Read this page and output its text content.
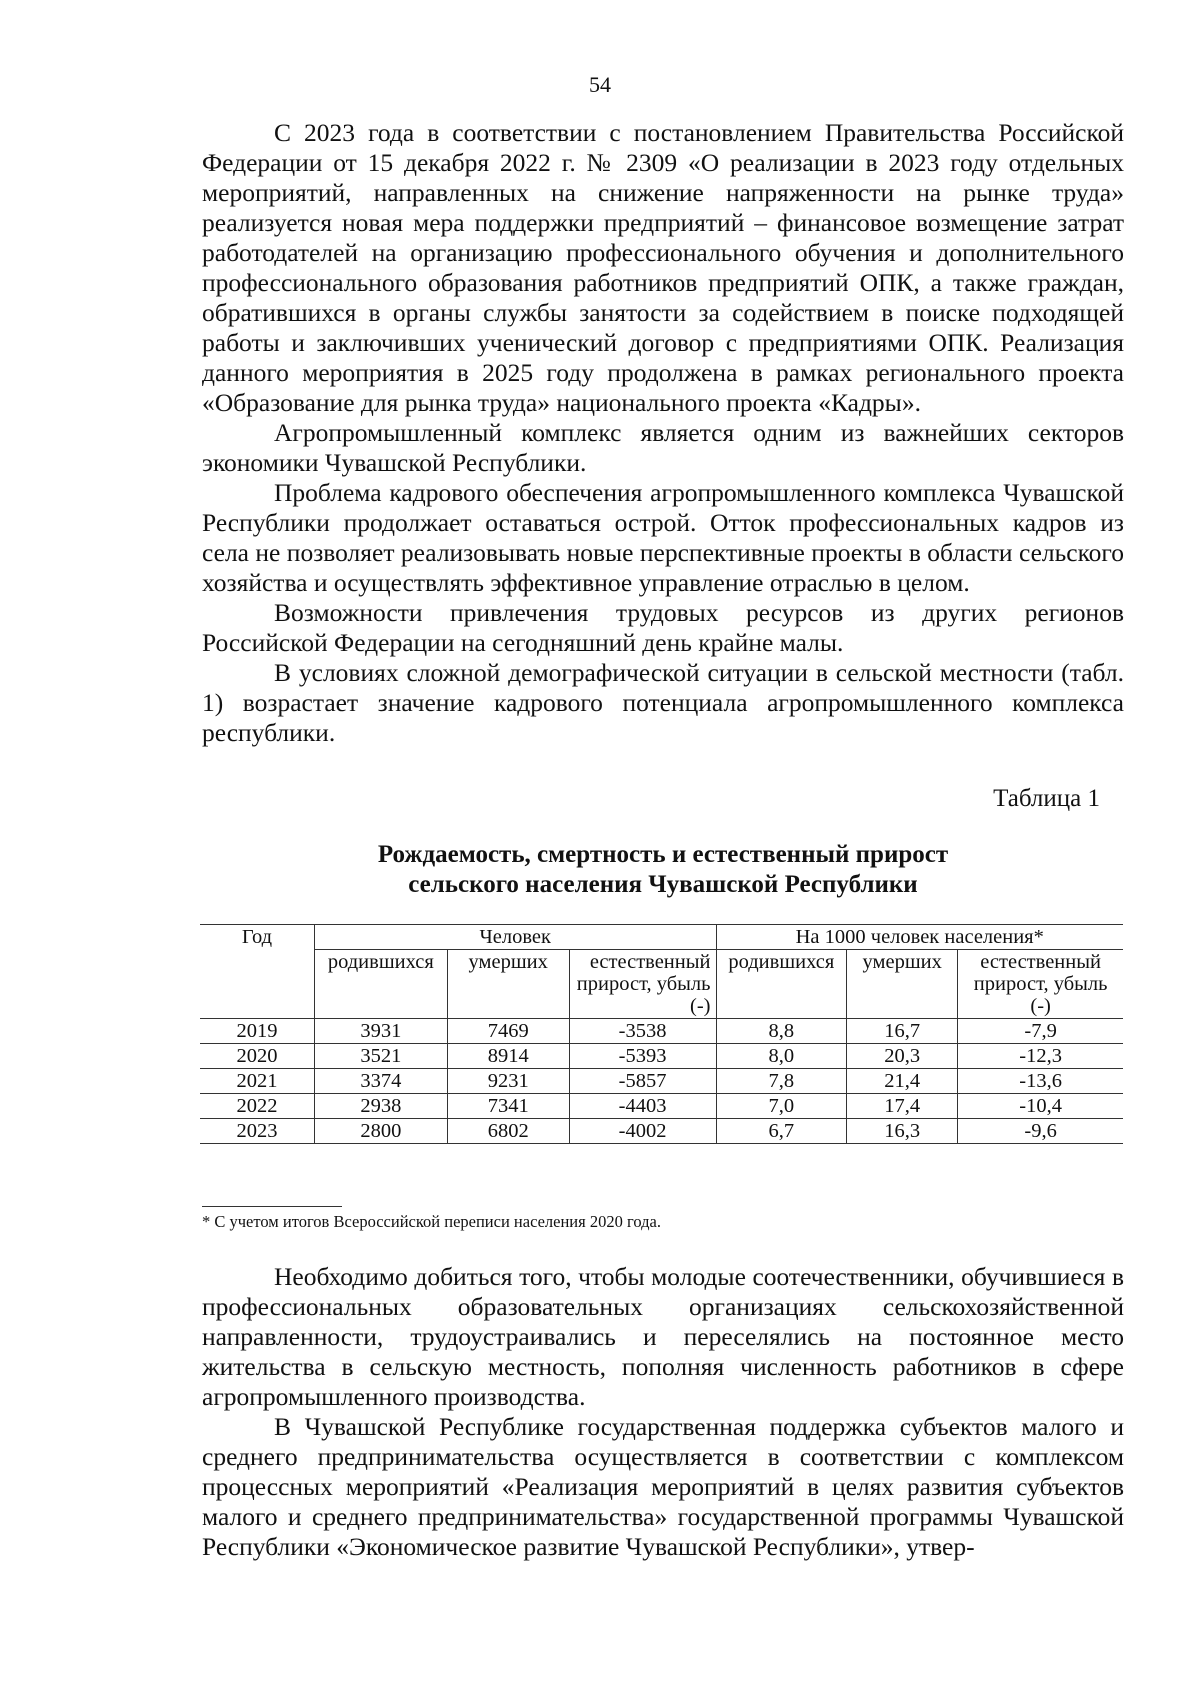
54

С 2023 года в соответствии с постановлением Правительства Российской Федерации от 15 декабря 2022 г. № 2309 «О реализации в 2023 году отдельных мероприятий, направленных на снижение напряженности на рынке труда» реализуется новая мера поддержки предприятий – финансовое возмещение затрат работодателей на организацию профессионального обучения и дополнительного профессионального образования работников предприятий ОПК, а также граждан, обратившихся в органы службы занятости за содействием в поиске подходящей работы и заключивших ученический договор с предприятиями ОПК. Реализация данного мероприятия в 2025 году продолжена в рамках регионального проекта «Образование для рынка труда» национального проекта «Кадры».

Агропромышленный комплекс является одним из важнейших секторов экономики Чувашской Республики.

Проблема кадрового обеспечения агропромышленного комплекса Чувашской Республики продолжает оставаться острой. Отток профессиональных кадров из села не позволяет реализовывать новые перспективные проекты в области сельского хозяйства и осуществлять эффективное управление отраслью в целом.

Возможности привлечения трудовых ресурсов из других регионов Российской Федерации на сегодняшний день крайне малы.

В условиях сложной демографической ситуации в сельской местности (табл. 1) возрастает значение кадрового потенциала агропромышленного комплекса республики.

Таблица 1
Рождаемость, смертность и естественный прирост
сельского населения Чувашской Республики
Год	Человек			На 1000 человек населения*		
	родившихся	умерших	естественный прирост, убыль (-)	родившихся	умерших	естественный прирост, убыль (-)
2019	3931	7469	-3538	8,8	16,7	-7,9
2020	3521	8914	-5393	8,0	20,3	-12,3
2021	3374	9231	-5857	7,8	21,4	-13,6
2022	2938	7341	-4403	7,0	17,4	-10,4
2023	2800	6802	-4002	6,7	16,3	-9,6
* С учетом итогов Всероссийской переписи населения 2020 года.

Необходимо добиться того, чтобы молодые соотечественники, обучившиеся в профессиональных образовательных организациях сельскохозяйственной направленности, трудоустраивались и переселялись на постоянное место жительства в сельскую местность, пополняя численность работников в сфере агропромышленного производства.

В Чувашской Республике государственная поддержка субъектов малого и среднего предпринимательства осуществляется в соответствии с комплексом процессных мероприятий «Реализация мероприятий в целях развития субъектов малого и среднего предпринимательства» государственной программы Чувашской Республики «Экономическое развитие Чувашской Республики», утвер-
